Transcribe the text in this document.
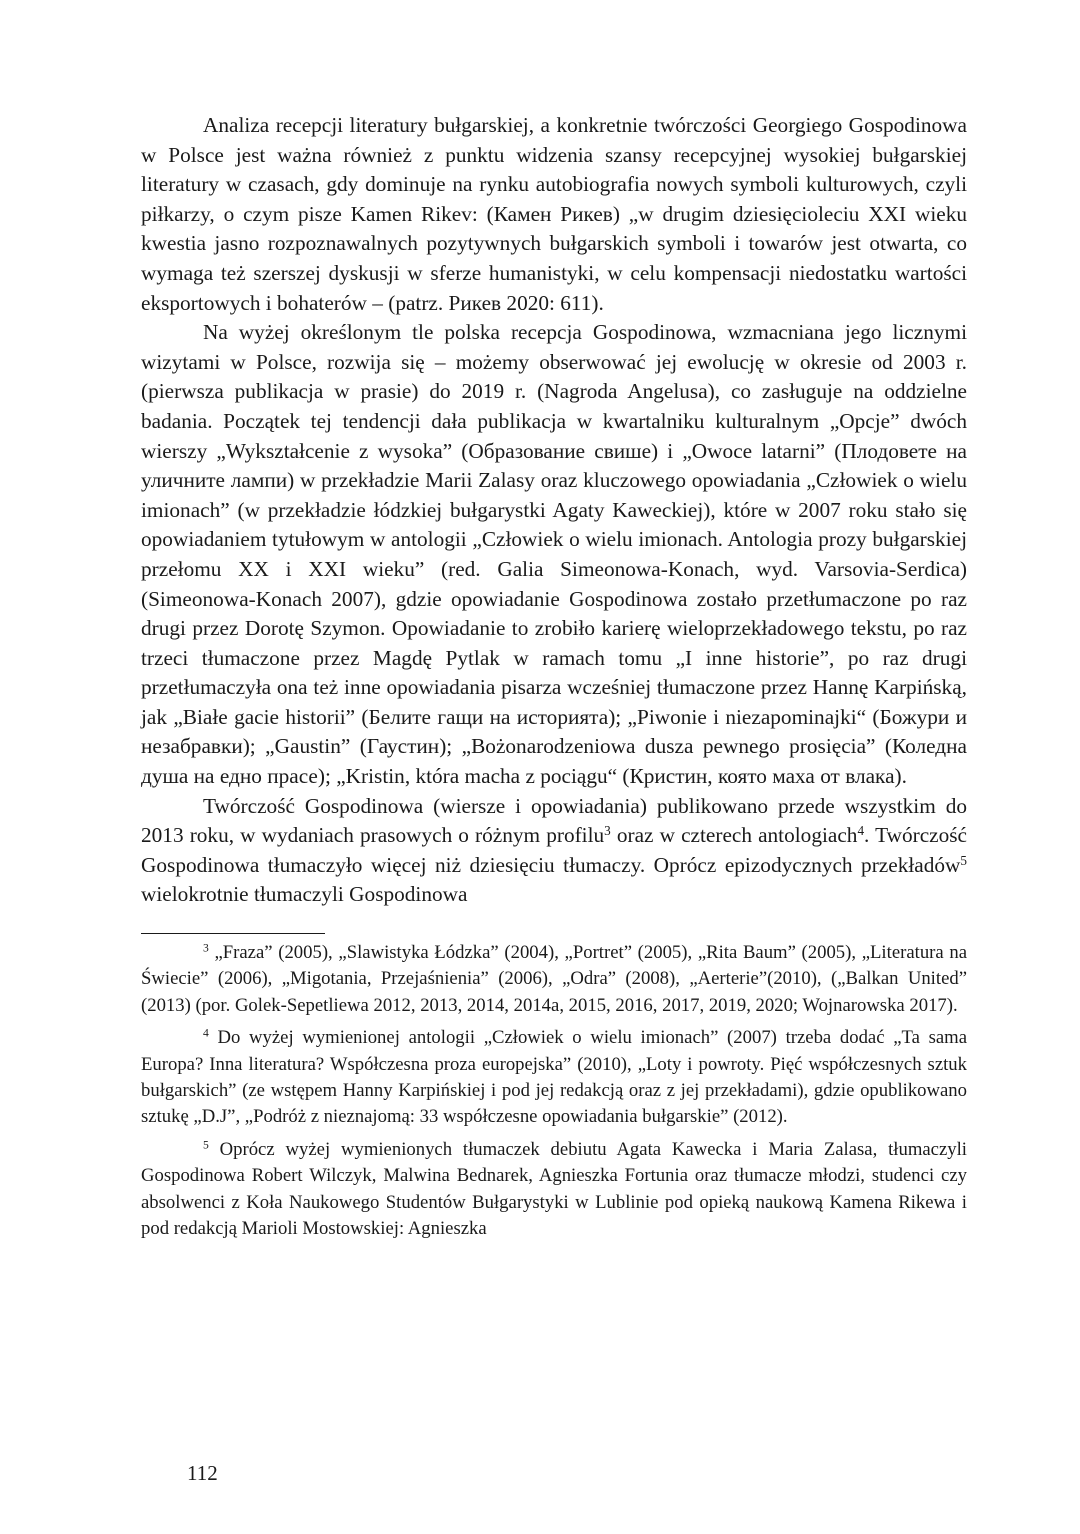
Analiza recepcji literatury bułgarskiej, a konkretnie twórczości Georgiego Gospodinowa w Polsce jest ważna również z punktu widzenia szansy recepcyjnej wysokiej bułgarskiej literatury w czasach, gdy dominuje na rynku autobiografia nowych symboli kulturowych, czyli piłkarzy, o czym pisze Kamen Rikev: (Камен Рикев) „w drugim dziesięcioleciu XXI wieku kwestia jasno rozpoznawalnych pozytywnych bułgarskich symboli i towarów jest otwarta, co wymaga też szerszej dyskusji w sferze humanistyki, w celu kompensacji niedostatku wartości eksportowych i bohaterów – (patrz. Рикев 2020: 611).

Na wyżej określonym tle polska recepcja Gospodinowa, wzmacniana jego licznymi wizytami w Polsce, rozwija się – możemy obserwować jej ewolucję w okresie od 2003 r. (pierwsza publikacja w prasie) do 2019 r. (Nagroda Angelusa), co zasługuje na oddzielne badania. Początek tej tendencji dała publikacja w kwartalniku kulturalnym „Opcje” dwóch wierszy „Wykształcenie z wysoka” (Образование свише) i „Owoce latarni” (Плодовете на уличните лампи) w przekładzie Marii Zalasy oraz kluczowego opowiadania „Człowiek o wielu imionach” (w przekładzie łódzkiej bułgarystki Agaty Kaweckiej), które w 2007 roku stało się opowiadaniem tytułowym w antologii „Człowiek o wielu imionach. Antologia prozy bułgarskiej przełomu XX i XXI wieku” (red. Galia Simeonowa-Konach, wyd. Varsovia-Serdica) (Simeonowa-Konach 2007), gdzie opowiadanie Gospodinowa zostało przetłumaczone po raz drugi przez Dorotę Szymon. Opowiadanie to zrobiło karierę wieloprzekładowego tekstu, po raz trzeci tłumaczone przez Magdę Pytlak w ramach tomu „I inne historie”, po raz drugi przetłumaczyła ona też inne opowiadania pisarza wcześniej tłumaczone przez Hannę Karpińską, jak „Białe gacie historii” (Белите гащи на историята); „Piwonie i niezapominajki“ (Божури и незабравки); „Gaustin” (Гаустин); „Bożonarodzeniowa dusza pewnego prosięcia” (Коледна душа на едно прасе); „Kristin, która macha z pociągu“ (Кристин, която маха от влака).

Twórczość Gospodinowa (wiersze i opowiadania) publikowano przede wszystkim do 2013 roku, w wydaniach prasowych o różnym profilu$^3$ oraz w czterech antologiach$^4$. Twórczość Gospodinowa tłumaczyło więcej niż dziesięciu tłumaczy. Oprócz epizodycznych przekładów$^5$ wielokrotnie tłumaczyli Gospodinowa

$^3$ „Fraza” (2005), „Slawistyka Łódzka” (2004), „Portret” (2005), „Rita Baum” (2005), „Literatura na Świecie” (2006), „Migotania, Przejaśnienia” (2006), „Odra” (2008), „Aerterie”(2010), („Balkan United” (2013) (por. Golek-Sepetliewa 2012, 2013, 2014, 2014a, 2015, 2016, 2017, 2019, 2020; Wojnarowska 2017).

$^4$ Do wyżej wymienionej antologii „Człowiek o wielu imionach” (2007) trzeba dodać „Ta sama Europa? Inna literatura? Współczesna proza europejska” (2010), „Loty i powroty. Pięć współczesnych sztuk bułgarskich” (ze wstępem Hanny Karpińskiej i pod jej redakcją oraz z jej przekładami), gdzie opublikowano sztukę „D.J”, „Podróż z nieznajomą: 33 współczesne opowiadania bułgarskie” (2012).

$^5$ Oprócz wyżej wymienionych tłumaczek debiutu Agata Kawecka i Maria Zalasa, tłumaczyli Gospodinowa Robert Wilczyk, Malwina Bednarek, Agnieszka Fortunia oraz tłumacze młodzi, studenci czy absolwenci z Koła Naukowego Studentów Bułgarystyki w Lublinie pod opieką naukową Kamena Rikewa i pod redakcją Marioli Mostowskiej: Agnieszka

112
